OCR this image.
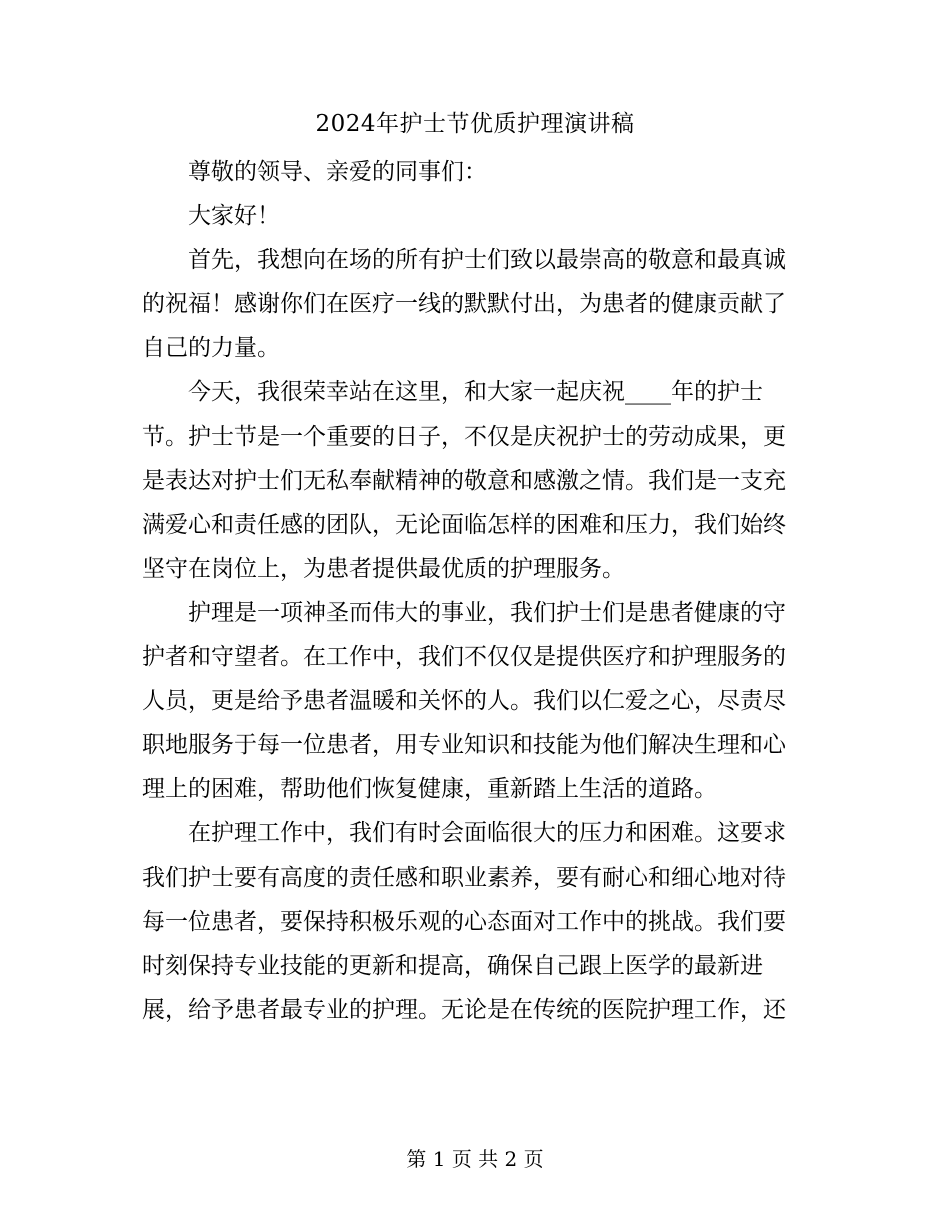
2024年护士节优质护理演讲稿
尊敬的领导、亲爱的同事们：
大家好！
首先，我想向在场的所有护士们致以最崇高的敬意和最真诚
的祝福！感谢你们在医疗一线的默默付出，为患者的健康贡献了
自己的力量。
今天，我很荣幸站在这里，和大家一起庆祝____年的护士
节。护士节是一个重要的日子，不仅是庆祝护士的劳动成果，更
是表达对护士们无私奉献精神的敬意和感激之情。我们是一支充
满爱心和责任感的团队，无论面临怎样的困难和压力，我们始终
坚守在岗位上，为患者提供最优质的护理服务。
护理是一项神圣而伟大的事业，我们护士们是患者健康的守
护者和守望者。在工作中，我们不仅仅是提供医疗和护理服务的
人员，更是给予患者温暖和关怀的人。我们以仁爱之心，尽责尽
职地服务于每一位患者，用专业知识和技能为他们解决生理和心
理上的困难，帮助他们恢复健康，重新踏上生活的道路。
在护理工作中，我们有时会面临很大的压力和困难。这要求
我们护士要有高度的责任感和职业素养，要有耐心和细心地对待
每一位患者，要保持积极乐观的心态面对工作中的挑战。我们要
时刻保持专业技能的更新和提高，确保自己跟上医学的最新进
展，给予患者最专业的护理。无论是在传统的医院护理工作，还
第 1 页 共 2 页
